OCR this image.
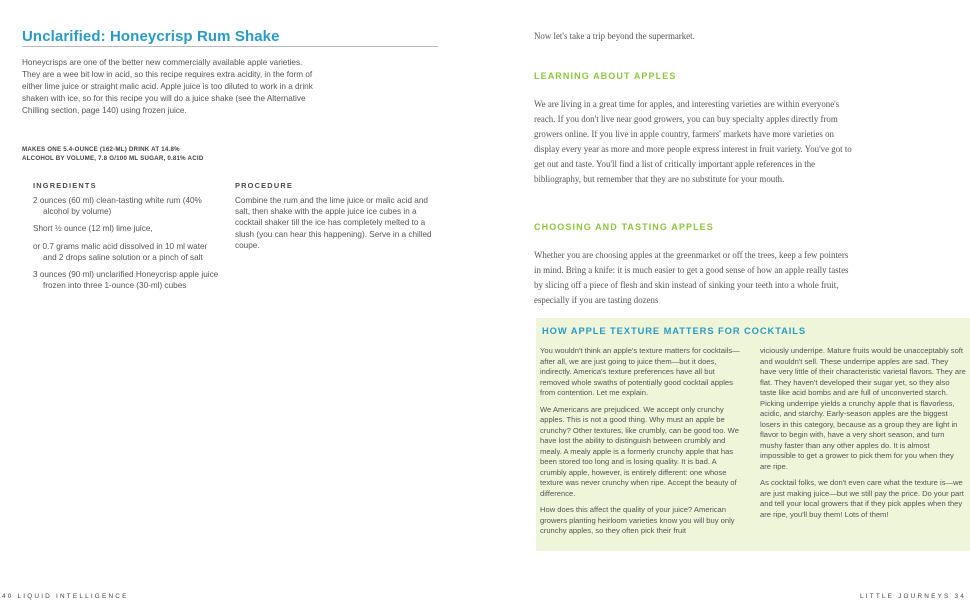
Unclarified: Honeycrisp Rum Shake
Honeycrisps are one of the better new commercially available apple varieties. They are a wee bit low in acid, so this recipe requires extra acidity, in the form of either lime juice or straight malic acid. Apple juice is too diluted to work in a drink shaken with ice, so for this recipe you will do a juice shake (see the Alternative Chilling section, page 140) using frozen juice.
MAKES ONE 5.4-OUNCE (162-ML) DRINK AT 14.8%
ALCOHOL BY VOLUME, 7.8 G/100 ML SUGAR, 0.81% ACID
INGREDIENTS	PROCEDURE
2 ounces (60 ml) clean-tasting white rum (40% alcohol by volume)
Short ½ ounce (12 ml) lime juice,
or 0.7 grams malic acid dissolved in 10 ml water and 2 drops saline solution or a pinch of salt
3 ounces (90 ml) unclarified Honeycrisp apple juice frozen into three 1-ounce (30-ml) cubes
Combine the rum and the lime juice or malic acid and salt, then shake with the apple juice ice cubes in a cocktail shaker till the ice has completely melted to a slush (you can hear this happening). Serve in a chilled coupe.
40 LIQUID INTELLIGENCE
Now let's take a trip beyond the supermarket.
LEARNING ABOUT APPLES
We are living in a great time for apples, and interesting varieties are within everyone's reach. If you don't live near good growers, you can buy specialty apples directly from growers online. If you live in apple country, farmers' markets have more varieties on display every year as more and more people express interest in fruit variety. You've got to get out and taste. You'll find a list of critically important apple references in the bibliography, but remember that they are no substitute for your mouth.
CHOOSING AND TASTING APPLES
Whether you are choosing apples at the greenmarket or off the trees, keep a few pointers in mind. Bring a knife: it is much easier to get a good sense of how an apple really tastes by slicing off a piece of flesh and skin instead of sinking your teeth into a whole fruit, especially if you are tasting dozens
HOW APPLE TEXTURE MATTERS FOR COCKTAILS

You wouldn't think an apple's texture matters for cocktails—after all, we are just going to juice them—but it does, indirectly. America's texture preferences have all but removed whole swaths of potentially good cocktail apples from contention. Let me explain.

We Americans are prejudiced. We accept only crunchy apples. This is not a good thing. Why must an apple be crunchy? Other textures, like crumbly, can be good too. We have lost the ability to distinguish between crumbly and mealy. A mealy apple is a formerly crunchy apple that has been stored too long and is losing quality. It is bad. A crumbly apple, however, is entirely different: one whose texture was never crunchy when ripe. Accept the beauty of difference.

How does this affect the quality of your juice? American growers planting heirloom varieties know you will buy only crunchy apples, so they often pick their fruit

viciously underripe. Mature fruits would be unacceptably soft and wouldn't sell. These underripe apples are sad. They have very little of their characteristic varietal flavors. They are flat. They haven't developed their sugar yet, so they also taste like acid bombs and are full of unconverted starch. Picking underripe yields a crunchy apple that is flavorless, acidic, and starchy. Early-season apples are the biggest losers in this category, because as a group they are light in flavor to begin with, have a very short season, and turn mushy faster than any other apples do. It is almost impossible to get a grower to pick them for you when they are ripe.

As cocktail folks, we don't even care what the texture is—we are just making juice—but we still pay the price. Do your part and tell your local growers that if they pick apples when they are ripe, you'll buy them! Lots of them!

LITTLE JOURNEYS 34
